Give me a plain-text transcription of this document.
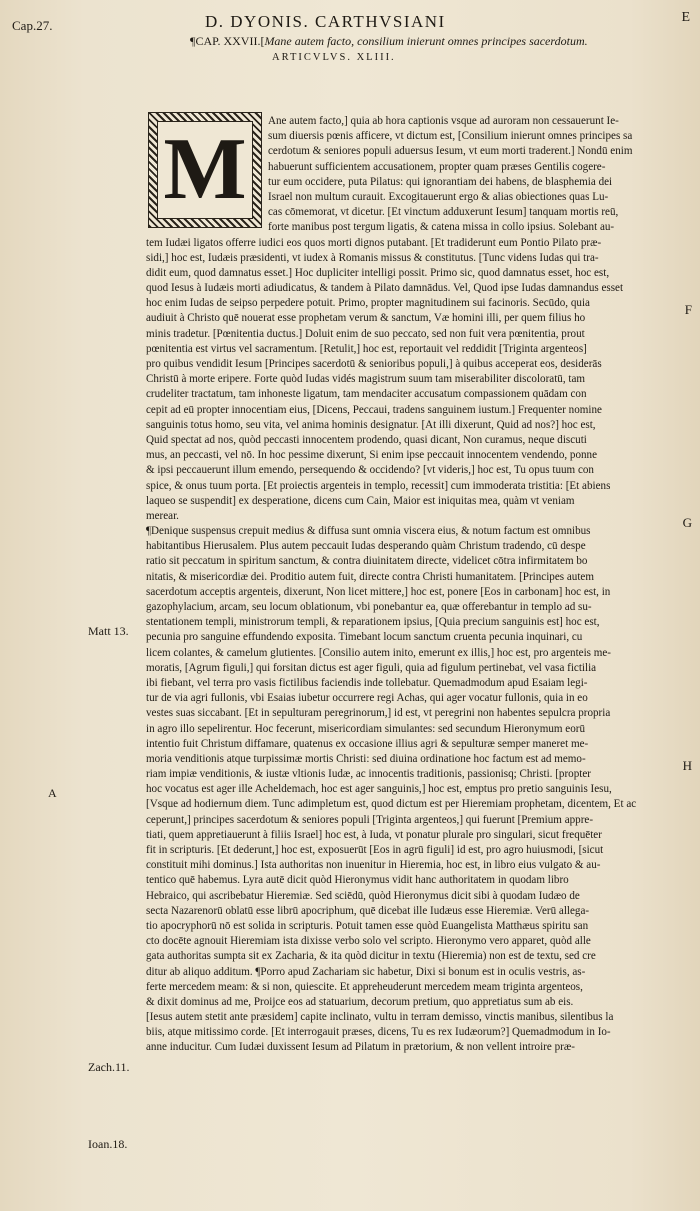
Cap.27.	D. DYONIS. CARTHVSIANI	E
¶CAP. XXVII.[Mane autem facto, consilium inierunt omnes principes sacerdotum.
ARTICVLVS. XLIII.
M	Ane autem facto,] quia ab hora captionis vsque ad auroram non cessauerunt Ie-
sum diuersis pœnis afficere, vt dictum est, [Consilium inierunt omnes principes sa
cerdotum & seniores populi aduersus Iesum, vt eum morti traderent.] Nondū enim
habuerunt sufficientem accusationem, propter quam præses Gentilis cogere-
tur eum occidere, puta Pilatus: qui ignorantiam dei habens, de blasphemia dei
Israel non multum curauit. Excogitauerunt ergo & alias obiectiones quas Lu-
cas cōmemorat, vt dicetur. [Et vinctum adduxerunt Iesum] tanquam mortis reū,
forte manibus post tergum ligatis, & catena missa in collo ipsius. Solebant au-
tem Iudæi ligatos offerre iudici eos quos morti dignos putabant. [Et tradiderunt eum Pontio Pilato præ-
sidi,] hoc est, Iudæis præsidenti, vt iudex à Romanis missus & constitutus. [Tunc videns Iudas qui tra-
didit eum, quod damnatus esset.] Hoc dupliciter intelligi possit. Primo sic, quod damnatus esset, hoc est,
quod Iesus à Iudæis morti adiudicatus, & tandem à Pilato damnādus. Vel, Quod ipse Iudas damnandus esset
hoc enim Iudas de seipso perpedere potuit. Primo, propter magnitudinem sui facinoris. Secūdo, quia
audiuit à Christo quē nouerat esse prophetam verum & sanctum, Væ homini illi, per quem filius ho
minis tradetur. [Pœnitentia ductus.] Doluit enim de suo peccato, sed non fuit vera pœnitentia, prout
pœnitentia est virtus vel sacramentum. [Retulit,] hoc est, reportauit vel reddidit [Triginta argenteos]
pro quibus vendidit Iesum [Principes sacerdotū & senioribus populi,] à quibus acceperat eos, desiderās
Christū à morte eripere. Forte quòd Iudas vidés magistrum suum tam miserabiliter discoloratū, tam
crudeliter tractatum, tam inhoneste ligatum, tam mendaciter accusatum compassionem quādam con
cepit ad eū propter innocentiam eius, [Dicens, Peccaui, tradens sanguinem iustum.] Frequenter nomine
sanguinis totus homo, seu vita, vel anima hominis designatur. [At illi dixerunt, Quid ad nos?] hoc est,
Quid spectat ad nos, quòd peccasti innocentem prodendo, quasi dicant, Non curamus, neque discuti
mus, an peccasti, vel nō. In hoc pessime dixerunt, Si enim ipse peccauit innocentem vendendo, ponne
& ipsi peccauerunt illum emendo, persequendo & occidendo? [vt videris,] hoc est, Tu opus tuum con
spice, & onus tuum porta. [Et proiectis argenteis in templo, recessit] cum immoderata tristitia: [Et abiens
laqueo se suspendit] ex desperatione, dicens cum Cain, Maior est iniquitas mea, quàm vt veniam
merear.
¶Denique suspensus crepuit medius & diffusa sunt omnia viscera eius, & notum factum est omnibus
habitantibus Hierusalem. Plus autem peccauit Iudas desperando quàm Christum tradendo, cū despe
ratio sit peccatum in spiritum sanctum, & contra diuinitatem directe, videlicet cōtra infirmitatem bo
nitatis, & misericordiæ dei. Proditio autem fuit, directe contra Christi humanitatem. [Principes autem
sacerdotum acceptis argenteis, dixerunt, Non licet mittere,] hoc est, ponere [Eos in carbonam] hoc est, in
gazophylacium, arcam, seu locum oblationum, vbi ponebantur ea, quæ offerebantur in templo ad su-
stentationem templi, ministrorum templi, & reparationem ipsius, [Quia precium sanguinis est] hoc est,
pecunia pro sanguine effundendo exposita. Timebant locum sanctum cruenta pecunia inquinari, cu
licem colantes, & camelum glutientes. [Consilio autem inito, emerunt ex illis,] hoc est, pro argenteis me-
moratis, [Agrum figuli,] qui forsitan dictus est ager figuli, quia ad figulum pertinebat, vel vasa fictilia
ibi fiebant, vel terra pro vasis fictilibus faciendis inde tollebatur. Quemadmodum apud Esaiam legi-
tur de via agri fullonis, vbi Esaias iubetur occurrere regi Achas, qui ager vocatur fullonis, quia in eo
vestes suas siccabant. [Et in sepulturam peregrinorum,] id est, vt peregrini non habentes sepulcra propria
in agro illo sepelirentur. Hoc fecerunt, misericordiam simulantes: sed secundum Hieronymum eorū
intentio fuit Christum diffamare, quatenus ex occasione illius agri & sepulturæ semper maneret me-
moria venditionis atque turpissimæ mortis Christi: sed diuina ordinatione hoc factum est ad memo-
riam impiæ venditionis, & iustæ vltionis Iudæ, ac innocentis traditionis, passionisq; Christi. [propter
hoc vocatus est ager ille Acheldemach, hoc est ager sanguinis,] hoc est, emptus pro pretio sanguinis Iesu,
[Vsque ad hodiernum diem. Tunc adimpletum est, quod dictum est per Hieremiam prophetam, dicentem, Et ac
ceperunt,] principes sacerdotum & seniores populi [Triginta argenteos,] qui fuerunt [Premium appre-
tiati, quem appretiauerunt à filiis Israel] hoc est, à Iuda, vt ponatur plurale pro singulari, sicut frequēter
fit in scripturis. [Et dederunt,] hoc est, exposuerūt [Eos in agrū figuli] id est, pro agro huiusmodi, [sicut
constituit mihi dominus.] Ista authoritas non inuenitur in Hieremia, hoc est, in libro eius vulgato & au-
tentico quē habemus. Lyra autē dicit quòd Hieronymus vidit hanc authoritatem in quodam libro
Hebraico, qui ascribebatur Hieremiæ. Sed sciēdū, quòd Hieronymus dicit sibi à quodam Iudæo de
secta Nazarenorū oblatū esse librū apocriphum, quē dicebat ille Iudæus esse Hieremiæ. Verū allega-
tio apocryphorū nō est solida in scripturis. Potuit tamen esse quòd Euangelista Matthæus spiritu san
cto docēte agnouit Hieremiam ista dixisse verbo solo vel scripto. Hieronymo vero apparet, quòd alle
gata authoritas sumpta sit ex Zacharia, & ita quòd dicitur in textu (Hieremia) non est de textu, sed cre
ditur ab aliquo additum. ¶Porro apud Zachariam sic habetur, Dixi si bonum est in oculis vestris, as-
ferte mercedem meam: & si non, quiescite. Et appreheuderunt mercedem meam triginta argenteos,
& dixit dominus ad me, Proijce eos ad statuarium, decorum pretium, quo appretiatus sum ab eis.
[Iesus autem stetit ante præsidem] capite inclinato, vultu in terram demisso, vinctis manibus, silentibus la
biis, atque mitissimo corde. [Et interrogauit præses, dicens, Tu es rex Iudæorum?] Quemadmodum in Io-
anne inducitur. Cum Iudæi duxissent Iesum ad Pilatum in prætorium, & non vellent introire præ-
Matt 13.
A
Zach.11.
Ioan.18.
F
G
H
